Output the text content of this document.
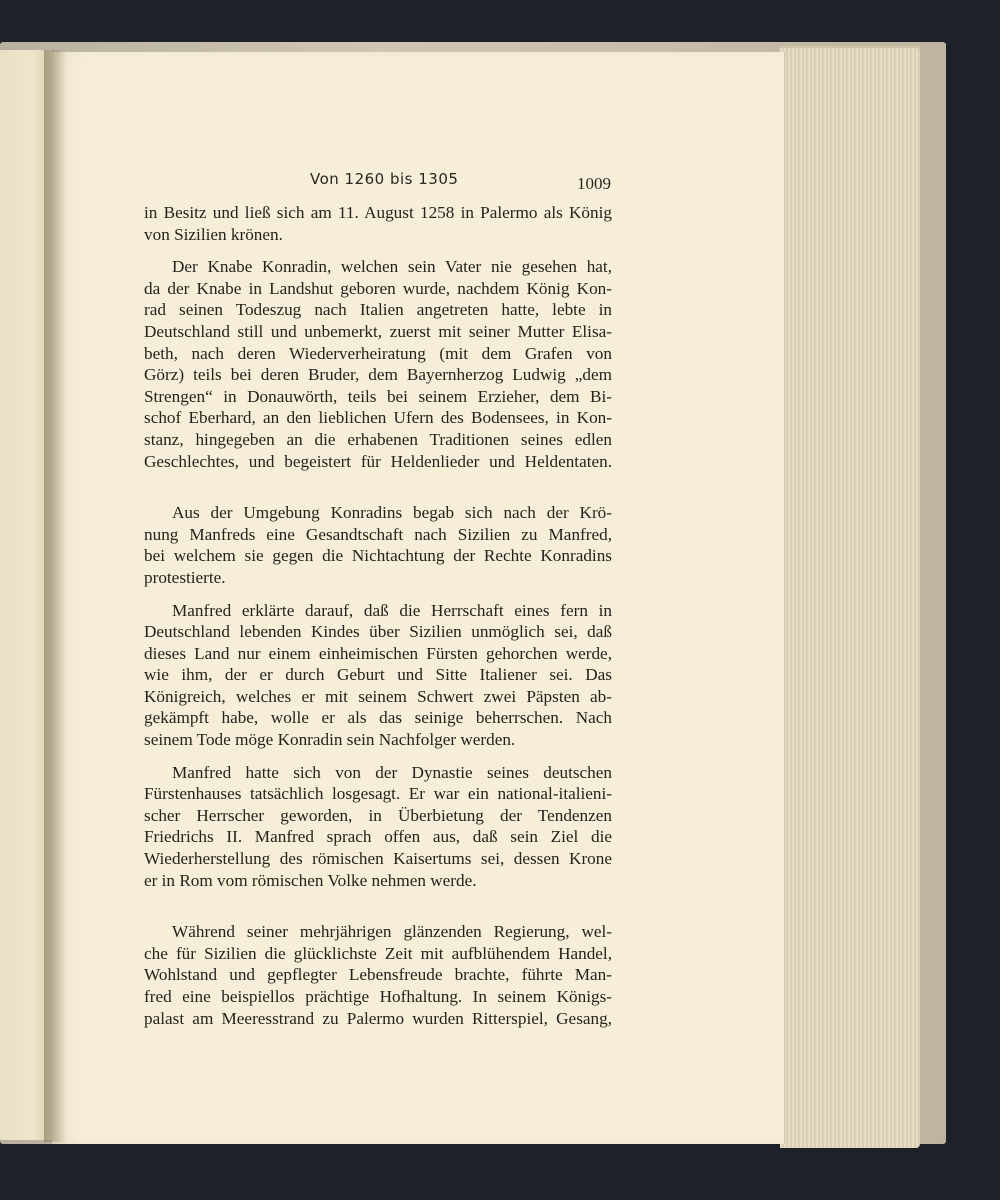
Von 1260 bis 1305	1009
in Besitz und ließ sich am 11. August 1258 in Palermo als König
von Sizilien krönen.
Der Knabe Konradin, welchen sein Vater nie gesehen hat,
da der Knabe in Landshut geboren wurde, nachdem König Kon-
rad seinen Todeszug nach Italien angetreten hatte, lebte in
Deutschland still und unbemerkt, zuerst mit seiner Mutter Elisa-
beth, nach deren Wiederverheiratung (mit dem Grafen von
Görz) teils bei deren Bruder, dem Bayernherzog Ludwig „dem
Strengen“ in Donauwörth, teils bei seinem Erzieher, dem Bi-
schof Eberhard, an den lieblichen Ufern des Bodensees, in Kon-
stanz, hingegeben an die erhabenen Traditionen seines edlen
Geschlechtes, und begeistert für Heldenlieder und Heldentaten.
Aus der Umgebung Konradins begab sich nach der Krö-
nung Manfreds eine Gesandtschaft nach Sizilien zu Manfred,
bei welchem sie gegen die Nichtachtung der Rechte Konradins
protestierte.
Manfred erklärte darauf, daß die Herrschaft eines fern in
Deutschland lebenden Kindes über Sizilien unmöglich sei, daß
dieses Land nur einem einheimischen Fürsten gehorchen werde,
wie ihm, der er durch Geburt und Sitte Italiener sei. Das
Königreich, welches er mit seinem Schwert zwei Päpsten ab-
gekämpft habe, wolle er als das seinige beherrschen. Nach
seinem Tode möge Konradin sein Nachfolger werden.
Manfred hatte sich von der Dynastie seines deutschen
Fürstenhauses tatsächlich losgesagt. Er war ein national-italieni-
scher Herrscher geworden, in Überbietung der Tendenzen
Friedrichs II. Manfred sprach offen aus, daß sein Ziel die
Wiederherstellung des römischen Kaisertums sei, dessen Krone
er in Rom vom römischen Volke nehmen werde.
Während seiner mehrjährigen glänzenden Regierung, wel-
che für Sizilien die glücklichste Zeit mit aufblühendem Handel,
Wohlstand und gepflegter Lebensfreude brachte, führte Man-
fred eine beispiellos prächtige Hofhaltung. In seinem Königs-
palast am Meeresstrand zu Palermo wurden Ritterspiel, Gesang,
